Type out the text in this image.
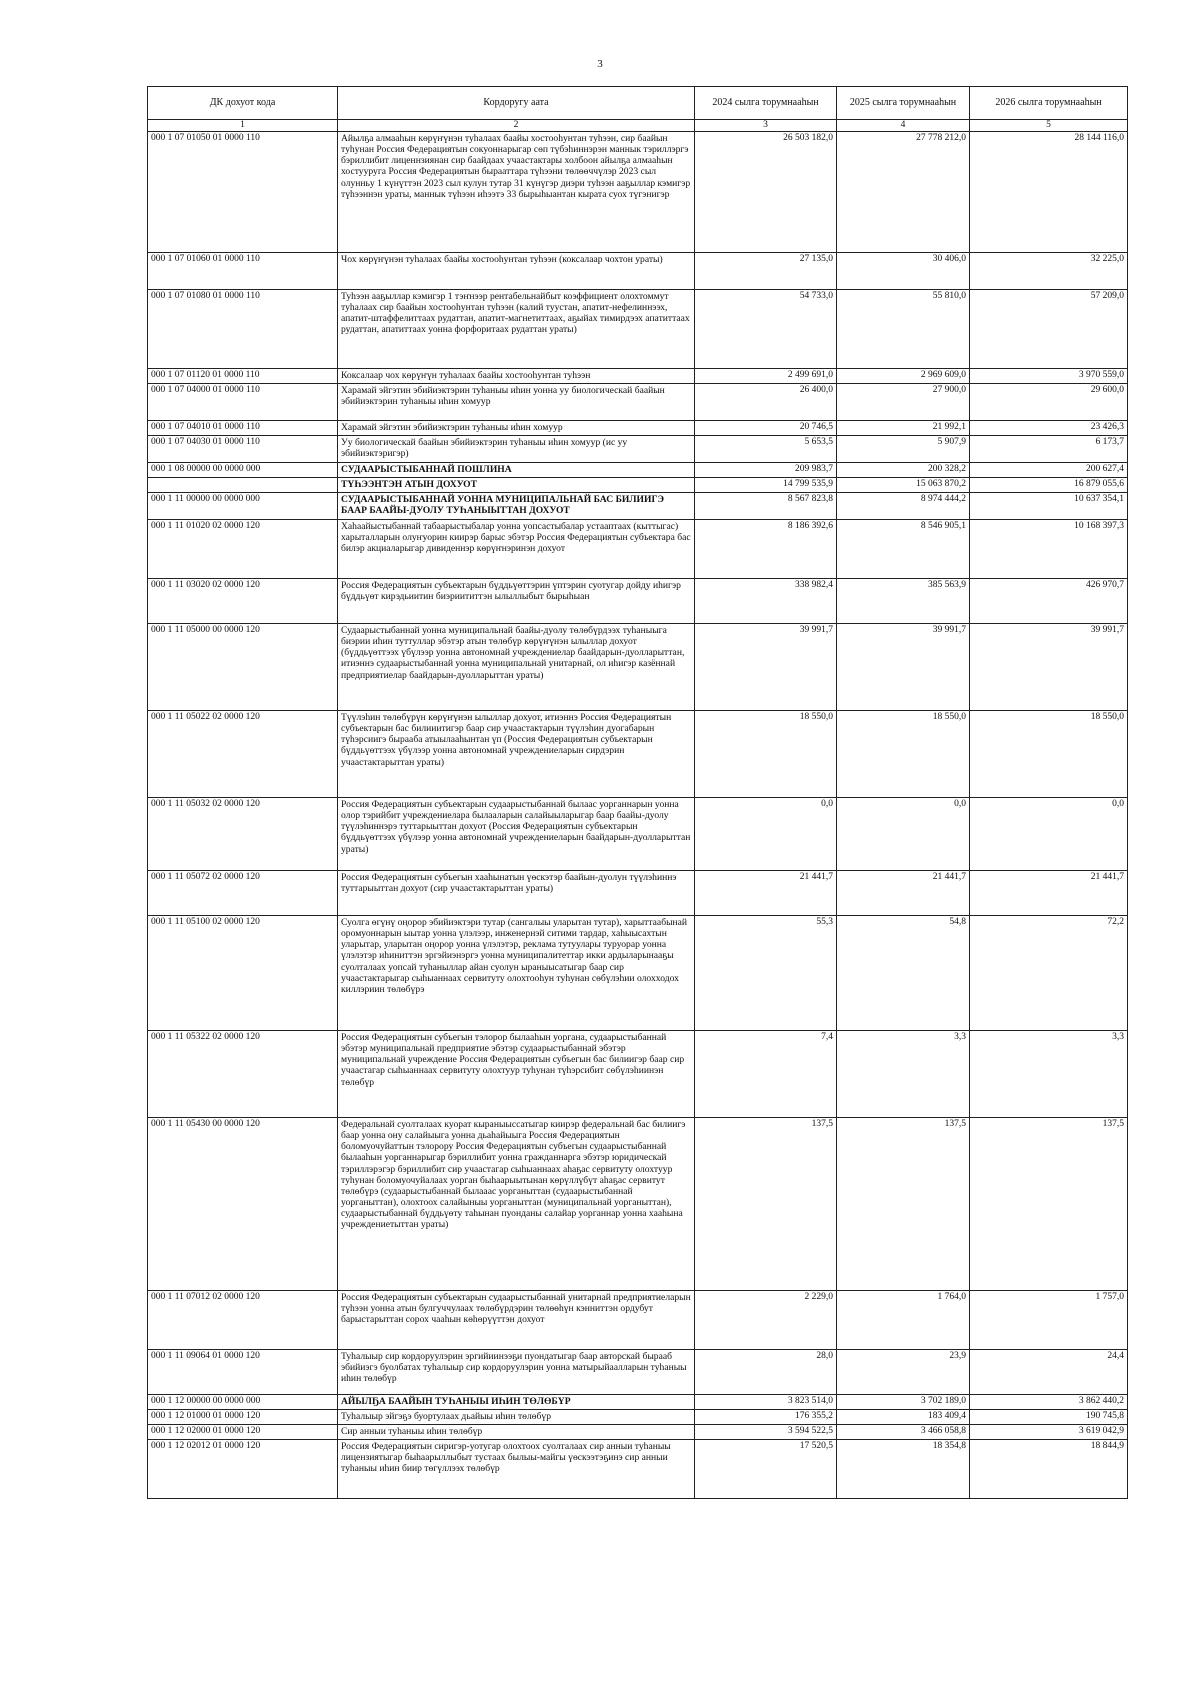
3
ДК дохуот кода	Кордоругу аата	2024 сылга торумнааһын	2025 сылга торумнааһын	2026 сылга торумнааһын
1	2	3	4	5
000 1 07 01050 01 0000 110	Айылҕа алмааһын көрүҥүнэн туһалаах баайы хостооһунтан туһээн, сир баайын туһунан Россия Федерациятын сокуоннарыгар сөп түбэһиннэрэн маннык тэриллэргэ бэриллибит лиценнзиянан сир баайдаах учаастактары холбоон айылҕа алмааһын хостууруга Россия Федерациятын бырааттара түһээни төлөөччүлэр 2023 сыл олунньу 1 күнүттэн 2023 сыл кулун тутар 31 күнүгэр диэри туһээн ааҕыллар кэмигэр түһээннэн ураты, маннык түһээн иһээтэ 33 бырыһыантан кырата суох түгэнигэр	26 503 182,0	27 778 212,0	28 144 116,0
000 1 07 01060 01 0000 110	Чох көрүҥүнэн туһалаах баайы хостооһунтан туһээн (коксалаар чохтон ураты)	27 135,0	30 406,0	32 225,0
000 1 07 01080 01 0000 110	Туһээн ааҕыллар кэмигэр 1 тэҥнээр рентабельнайбыт коэффициент олохтоммут туһалаах сир баайын хостооһунтан туһээн (калий туустан, апатит-нефелиннээх, апатит-штаффелиттаах рудаттан, апатит-магнетиттаах, аҕыйах тимирдээх апатиттаах рудаттан, апатиттаах уонна форфоритаах рудаттан ураты)	54 733,0	55 810,0	57 209,0
000 1 07 01120 01 0000 110	Коксалаар чох көрүҥүн туһалаах баайы хостооһунтан туһээн	2 499 691,0	2 969 609,0	3 970 559,0
000 1 07 04000 01 0000 110	Харамай эйгэтин эбийиэктэрин туһаныы иһин уонна уу биологическай баайын эбийиэктэрин туһаныы иһин хомуур	26 400,0	27 900,0	29 600,0
000 1 07 04010 01 0000 110	Харамай эйгэтин эбийиэктэрин туһаныы иһин хомуур	20 746,5	21 992,1	23 426,3
000 1 07 04030 01 0000 110	Уу биологическай баайын эбийиэктэрин туһаныы иһин хомуур (ис уу эбийиэктэригэр)	5 653,5	5 907,9	6 173,7
000 1 08 00000 00 0000 000	СУДААРЫСТЫБАННАЙ ПОШЛИНА	209 983,7	200 328,2	200 627,4
	ТҮҺЭЭНТЭН АТЫН ДОХУОТ	14 799 535,9	15 063 870,2	16 879 055,6
000 1 11 00000 00 0000 000	СУДААРЫСТЫБАННАЙ УОННА МУНИЦИПАЛЬНАЙ БАС БИЛИИГЭ БААР БААЙЫ-ДУОЛУ ТУҺАНЫЫТТАН ДОХУОТ	8 567 823,8	8 974 444,2	10 637 354,1
000 1 11 01020 02 0000 120	Хаһаайыстыбаннай табаарыстыбалар уонна уопсастыбалар устааптаах (кыттыгас) харыталларын олуҥуорин киирэр барыс эбэтэр Россия Федерациятын субъектара бас билэр акциаларыгар дивиденнэр көрүҥнэринэн дохуот	8 186 392,6	8 546 905,1	10 168 397,3
000 1 11 03020 02 0000 120	Россия Федерациятын субъектарын бүддьүөттэрин үптэрин суотугар дойду иһигэр бүддьүөт кирэдьиитин биэриититтэн ылыллыбыт бырыһыан	338 982,4	385 563,9	426 970,7
000 1 11 05000 00 0000 120	Судаарыстыбаннай уонна муниципальнай баайы-дуолу төлөбүрдээх туһаныыга биэрии иһин туттуллар эбэтэр атын төлөбүр көрүҥүнэн ылыллар дохуот (бүддьүөттээх үбүлээр уонна автономнай учреждениелар баайдарын-дуолларыттан, итиэннэ судаарыстыбаннай уонна муниципальнай унитарнай, ол иһигэр казённай предприятиелар баайдарын-дуолларыттан ураты)	39 991,7	39 991,7	39 991,7
000 1 11 05022 02 0000 120	Түүлэһин төлөбүрүн көрүҥүнэн ылыллар дохуот, итиэннэ Россия Федерациятын субъектарын бас билииитигэр баар сир учаастактарын түүлэһин дуогабарын түһэрсиигэ бырааба атыылааһынтан үп (Россия Федерациятын субъектарын бүддьүөттээх үбүлээр уонна автономнай учреждениеларын сирдэрин учаастактарыттан ураты)	18 550,0	18 550,0	18 550,0
000 1 11 05032 02 0000 120	Россия Федерациятын субъектарын судаарыстыбаннай былаас уорганнарын уонна олор тэрийбит учреждениелара былааларын салайыыларыгар баар баайы-дуолу түүлэһиннэрэ туттарыыттан дохуот (Россия Федерациятын субъектарын бүддьүөттээх үбүлээр уонна автономнай учреждениеларын баайдарын-дуолларыттан ураты)	0,0	0,0	0,0
000 1 11 05072 02 0000 120	Россия Федерациятын субъегын хааһынатын үөскэтэр баайын-дуолун түүлэһиннэ туттарыыттан дохуот (сир учаастактарыттан ураты)	21 441,7	21 441,7	21 441,7
000 1 11 05100 02 0000 120	Суолга өгүнү оңорор эбийиэктэри тутар (сангалыы уларытан тутар), харыттаабынай оромуоннарын ыытар уонна үлэлээр, инженернэй ситими тардар, хаһыысахтын уларытар, уларытан оңорор уонна үлэлэтэр, реклама тутуулары туруорар уонна үлэлэтэр иһиниттэн эргэйиэнэргэ уонна муниципалитеттар икки ардыларынааҕы суолталаах уопсай туһаныллар айан суолун ыраныысатыгар баар сир учаастактарыгар сыһыаннаах сервитуту олохтооһун туһунан сөбүлэһии олохходох киллэриин төлөбүрэ	55,3	54,8	72,2
000 1 11 05322 02 0000 120	Россия Федерациятын субъегын тэлорор былааһын уоргана, судаарыстыбаннай эбэтэр муниципальнай предприятие эбэтэр судаарыстыбаннай эбэтэр муниципальнай учреждение Россия Федерациятын субъегын бас билиигэр баар сир учаастагар сыһыаннаах сервитуту олохтуур туһунан түһэрсибит сөбүлэһиинэн төлөбүр	7,4	3,3	3,3
000 1 11 05430 00 0000 120	Федеральнай суолталаах куорат кыраныыссатыгар киирэр федеральнай бас билиигэ баар уонна ону салайыыга уонна дьаһайыыга Россия Федерациятын боломуочуйаттын тэлорору Россия Федерациятын субъегын судаарыстыбаннай былааһын уорганнарыгар бэриллибит уонна гражданнарга эбэтэр юридическай тэриллэрэгэр бэриллибит сир учаастагар сыһыаннаах аһаҕас сервитуту олохтуур туһунан боломуочуйалаах уорган быһаарыытынан көрүллүбүт аһаҕас сервитут төлөбүрэ (судаарыстыбаннай былааас уорганыттан (судаарыстыбаннай уорганыттан), олохтоох салайыныы уорганыттан (муниципальнай уорганыттан), судаарыстыбаннай бүддьүөту таһынан пуонданы салайар уорганнар уонна хааһына учреждениетыттан ураты)	137,5	137,5	137,5
000 1 11 07012 02 0000 120	Россия Федерациятын субъектарын судаарыстыбаннай унитарнай предприятиеларын түһээн уонна атын булгуччулаах төлөбүрдэрин төлөөһүн кэнниттэн ордубут барыстарыттан сорох чааһын көһөрүүттэн дохуот	2 229,0	1 764,0	1 757,0
000 1 11 09064 01 0000 120	Туһалыыр сир кордоруулэрин эргийиинээҕи пуондатыгар баар авторскай бырааб эбийиэгэ буолбатах туһалыыр сир кордоруулэрин уонна матырыйаалларын туһаныы иһин төлөбүр	28,0	23,9	24,4
000 1 12 00000 00 0000 000	АЙЫЛҔА БААЙЫН ТУҺАНЫЫ ИҺИН ТӨЛӨБҮР	3 823 514,0	3 702 189,0	3 862 440,2
000 1 12 01000 01 0000 120	Туһалыыр эйгэҕэ буортулаах дьайыы иһин төлөбүр	176 355,2	183 409,4	190 745,8
000 1 12 02000 01 0000 120	Сир анныи туһаныы иһин төлөбүр	3 594 522,5	3 466 058,8	3 619 042,9
000 1 12 02012 01 0000 120	Россия Федерациятын сиригэр-уотугар олохтоох суолталаах сир анныи туһаныы лицензиятыгар быһаарыллыбыт тустаах былыы-майгы үөскээтэҕинэ сир анныи туһаныы иһин биир төгүллээх төлөбүр	17 520,5	18 354,8	18 844,9
